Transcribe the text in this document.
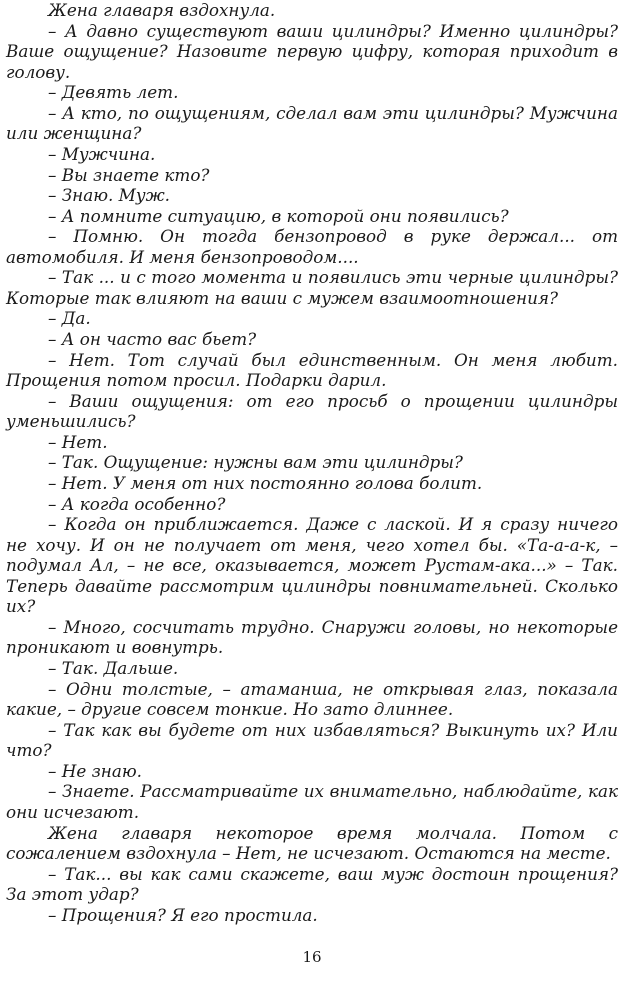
Жена главаря вздохнула.

– А давно существуют ваши цилиндры? Именно цилиндры? Ваше ощущение? Назовите первую цифру, которая приходит в голову.

– Девять лет.

– А кто, по ощущениям, сделал вам эти цилиндры? Мужчина или женщина?

– Мужчина.

– Вы знаете кто?

– Знаю. Муж.

– А помните ситуацию, в которой они появились?

– Помню. Он тогда бензопровод в руке держал... от автомобиля. И меня бензопроводом....

– Так ... и с того момента и появились эти черные цилиндры? Которые так влияют на ваши с мужем взаимоотношения?

– Да.

– А он часто вас бьет?

– Нет. Тот случай был единственным. Он меня любит. Прощения потом просил. Подарки дарил.

– Ваши ощущения: от его просьб о прощении цилиндры уменьшились?

– Нет.

– Так. Ощущение: нужны вам эти цилиндры?

– Нет. У меня от них постоянно голова болит.

– А когда особенно?

– Когда он приближается. Даже с лаской. И я сразу ничего не хочу. И он не получает от меня, чего хотел бы. «Та-а-а-к, – подумал Ал, – не все, оказывается, может Рустам-ака...» – Так. Теперь давайте рассмотрим цилиндры повнимательней. Сколько их?

– Много, сосчитать трудно. Снаружи головы, но некоторые проникают и вовнутрь.

– Так. Дальше.

– Одни толстые, – атаманша, не открывая глаз, показала какие, – другие совсем тонкие. Но зато длиннее.

– Так как вы будете от них избавляться? Выкинуть их? Или что?

– Не знаю.

– Знаете. Рассматривайте их внимательно, наблюдайте, как они исчезают.

Жена главаря некоторое время молчала. Потом с сожалением вздохнула – Нет, не исчезают. Остаются на месте.

– Так... вы как сами скажете, ваш муж достоин прощения? За этот удар?

– Прощения? Я его простила.

16
